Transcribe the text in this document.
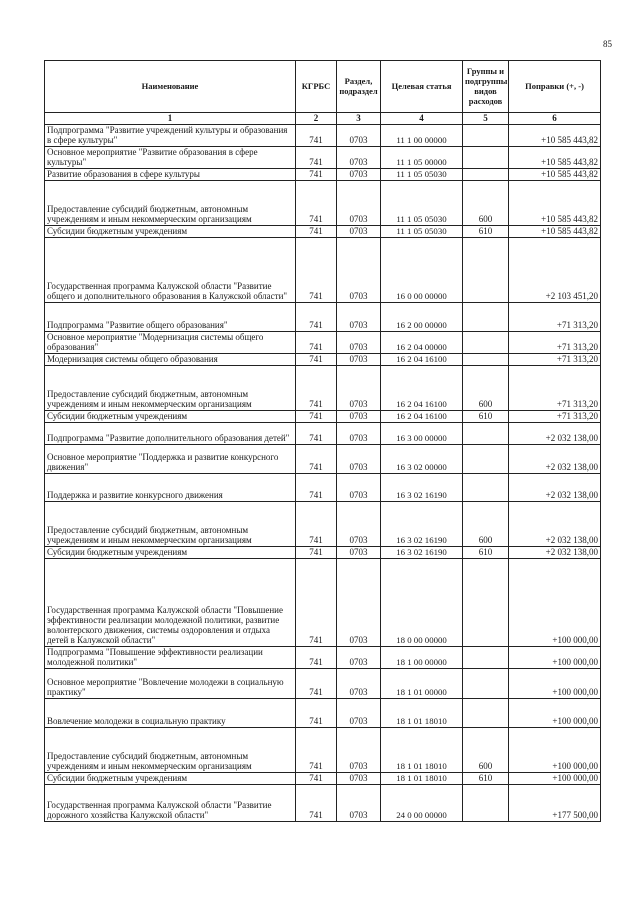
85
Наименование	КГРБС	Раздел, подраздел	Целевая статья	Группы и подгруппы видов расходов	Поправки (+, -)
1	2	3	4	5	6
Подпрограмма "Развитие учреждений культуры и образования в сфере культуры"	741	0703	11 1 00 00000		+10 585 443,82
Основное мероприятие "Развитие образования в сфере культуры"	741	0703	11 1 05 00000		+10 585 443,82
Развитие образования в сфере культуры	741	0703	11 1 05 05030		+10 585 443,82
Предоставление субсидий бюджетным, автономным учреждениям и иным некоммерческим организациям	741	0703	11 1 05 05030	600	+10 585 443,82
Субсидии бюджетным учреждениям	741	0703	11 1 05 05030	610	+10 585 443,82
Государственная программа Калужской области "Развитие общего и дополнительного образования в Калужской области"	741	0703	16 0 00 00000		+2 103 451,20
Подпрограмма "Развитие общего образования"	741	0703	16 2 00 00000		+71 313,20
Основное мероприятие "Модернизация системы общего образования"	741	0703	16 2 04 00000		+71 313,20
Модернизация системы общего образования	741	0703	16 2 04 16100		+71 313,20
Предоставление субсидий бюджетным, автономным учреждениям и иным некоммерческим организациям	741	0703	16 2 04 16100	600	+71 313,20
Субсидии бюджетным учреждениям	741	0703	16 2 04 16100	610	+71 313,20
Подпрограмма "Развитие дополнительного образования детей"	741	0703	16 3 00 00000		+2 032 138,00
Основное мероприятие "Поддержка и развитие конкурсного движения"	741	0703	16 3 02 00000		+2 032 138,00
Поддержка и развитие конкурсного движения	741	0703	16 3 02 16190		+2 032 138,00
Предоставление субсидий бюджетным, автономным учреждениям и иным некоммерческим организациям	741	0703	16 3 02 16190	600	+2 032 138,00
Субсидии бюджетным учреждениям	741	0703	16 3 02 16190	610	+2 032 138,00
Государственная программа Калужской области "Повышение эффективности реализации молодежной политики, развитие волонтерского движения, системы оздоровления и отдыха детей в Калужской области"	741	0703	18 0 00 00000		+100 000,00
Подпрограмма "Повышение эффективности реализации молодежной политики"	741	0703	18 1 00 00000		+100 000,00
Основное мероприятие "Вовлечение молодежи в социальную практику"	741	0703	18 1 01 00000		+100 000,00
Вовлечение молодежи в социальную практику	741	0703	18 1 01 18010		+100 000,00
Предоставление субсидий бюджетным, автономным учреждениям и иным некоммерческим организациям	741	0703	18 1 01 18010	600	+100 000,00
Субсидии бюджетным учреждениям	741	0703	18 1 01 18010	610	+100 000,00
Государственная программа Калужской области "Развитие дорожного хозяйства Калужской области"	741	0703	24 0 00 00000		+177 500,00
